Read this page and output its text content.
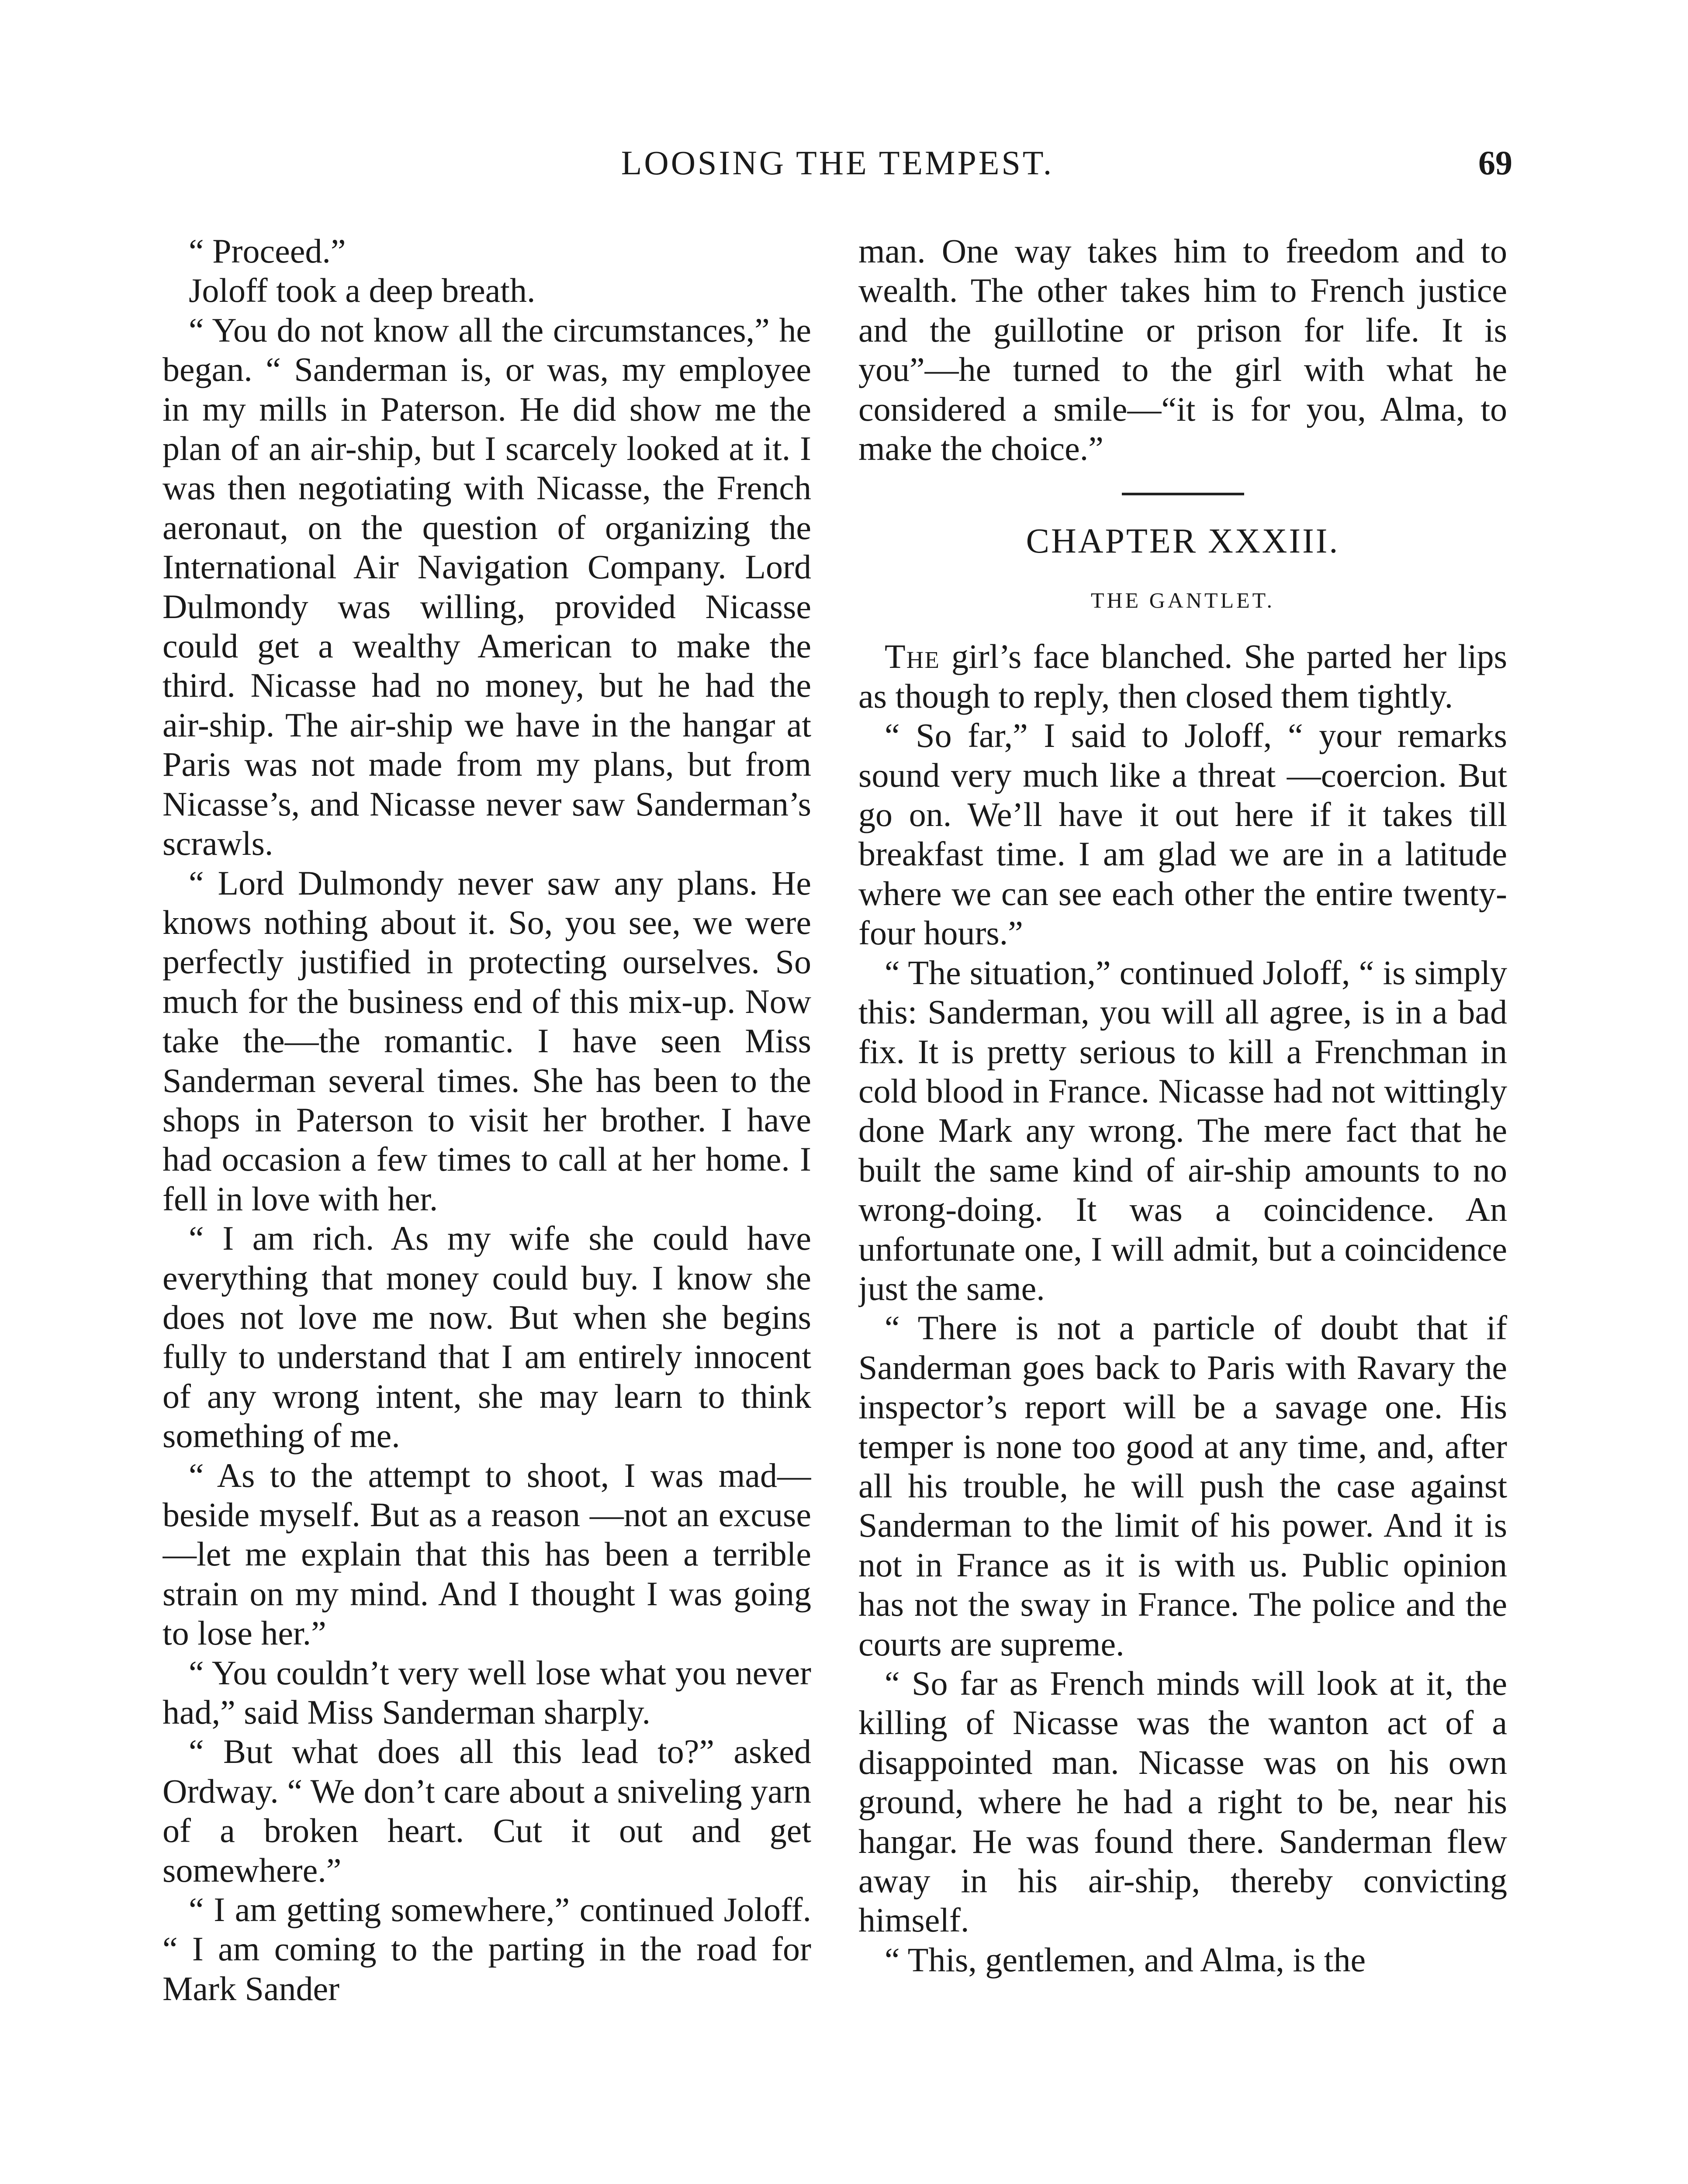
LOOSING THE TEMPEST.	69

“ Proceed.”

Joloff took a deep breath.

“ You do not know all the circumstances,” he began. “ Sanderman is, or was, my employee in my mills in Paterson. He did show me the plan of an air-ship, but I scarcely looked at it. I was then negotiating with Nicasse, the French aeronaut, on the question of organizing the International Air Navigation Company. Lord Dulmondy was willing, provided Nicasse could get a wealthy American to make the third. Nicasse had no money, but he had the air-ship. The air-ship we have in the hangar at Paris was not made from my plans, but from Nicasse’s, and Nicasse never saw Sanderman’s scrawls.

“ Lord Dulmondy never saw any plans. He knows nothing about it. So, you see, we were perfectly justified in protecting ourselves. So much for the business end of this mix-up. Now take the—the romantic. I have seen Miss Sanderman several times. She has been to the shops in Paterson to visit her brother. I have had occasion a few times to call at her home. I fell in love with her.

“ I am rich. As my wife she could have everything that money could buy. I know she does not love me now. But when she begins fully to understand that I am entirely innocent of any wrong intent, she may learn to think something of me.

“ As to the attempt to shoot, I was mad—beside myself. But as a reason —not an excuse—let me explain that this has been a terrible strain on my mind. And I thought I was going to lose her.”

“ You couldn’t very well lose what you never had,” said Miss Sanderman sharply.

“ But what does all this lead to?” asked Ordway. “ We don’t care about a sniveling yarn of a broken heart. Cut it out and get somewhere.”

“ I am getting somewhere,” continued Joloff. “ I am coming to the parting in the road for Mark Sander

man. One way takes him to freedom and to wealth. The other takes him to French justice and the guillotine or prison for life. It is you”—he turned to the girl with what he considered a smile—“it is for you, Alma, to make the choice.”

CHAPTER XXXIII.
THE GANTLET.

The girl’s face blanched. She parted her lips as though to reply, then closed them tightly.

“ So far,” I said to Joloff, “ your remarks sound very much like a threat —coercion. But go on. We’ll have it out here if it takes till breakfast time. I am glad we are in a latitude where we can see each other the entire twenty-four hours.”

“ The situation,” continued Joloff, “ is simply this: Sanderman, you will all agree, is in a bad fix. It is pretty serious to kill a Frenchman in cold blood in France. Nicasse had not wittingly done Mark any wrong. The mere fact that he built the same kind of air-ship amounts to no wrong-doing. It was a coincidence. An unfortunate one, I will admit, but a coincidence just the same.

“ There is not a particle of doubt that if Sanderman goes back to Paris with Ravary the inspector’s report will be a savage one. His temper is none too good at any time, and, after all his trouble, he will push the case against Sanderman to the limit of his power. And it is not in France as it is with us. Public opinion has not the sway in France. The police and the courts are supreme.

“ So far as French minds will look at it, the killing of Nicasse was the wanton act of a disappointed man. Nicasse was on his own ground, where he had a right to be, near his hangar. He was found there. Sanderman flew away in his air-ship, thereby convicting himself.

“ This, gentlemen, and Alma, is the
